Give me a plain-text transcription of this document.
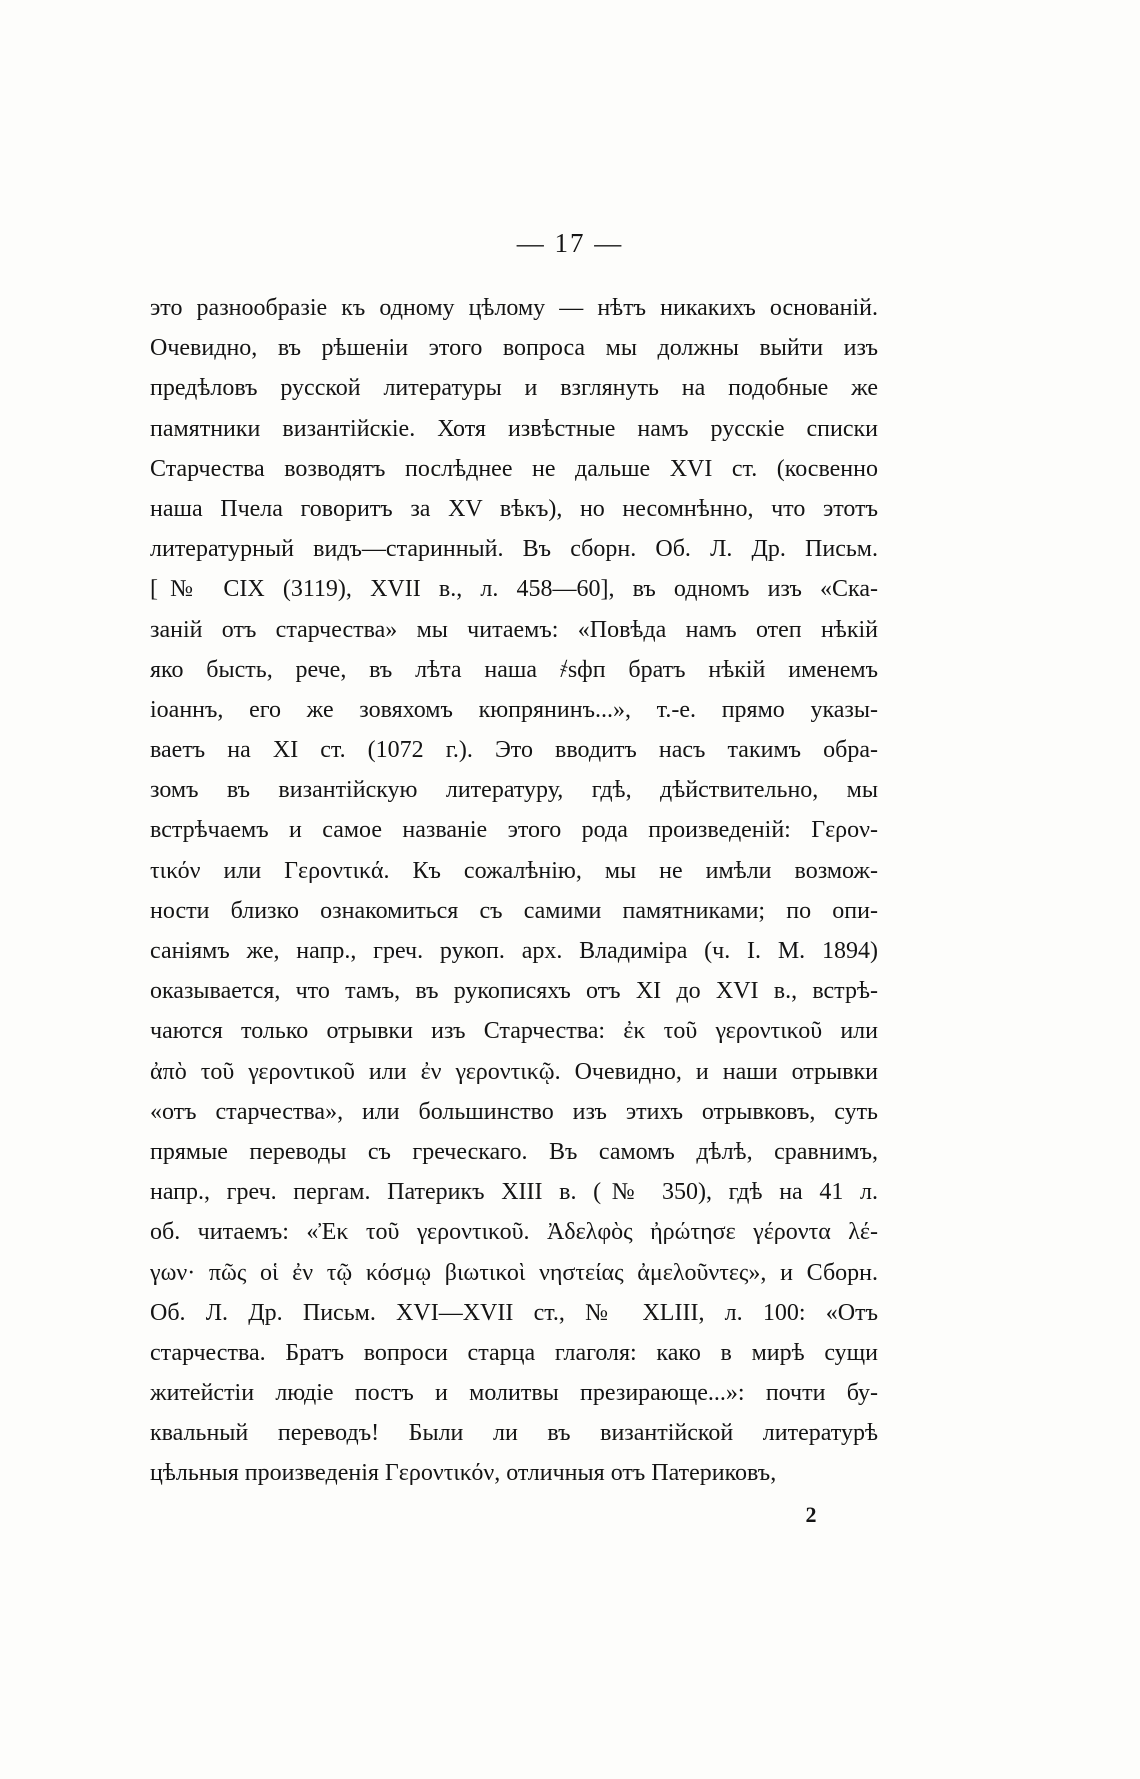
— 17 —
это разнообразіе къ одному цѣлому — нѣтъ никакихъ основаній.
Очевидно, въ рѣшеніи этого вопроса мы должны выйти изъ
предѣловъ русской литературы и взглянуть на подобные же
памятники византійскіе. Хотя извѣстные намъ русскіе списки
Старчества возводятъ послѣднее не дальше XVI ст. (косвенно
наша Пчела говоритъ за XV вѣкъ), но несомнѣнно, что этотъ
литературный видъ—старинный. Въ сборн. Об. Л. Др. Письм.
[№ CIX (3119), XVII в., л. 458—60], въ одномъ изъ «Ска-
заній отъ старчества» мы читаемъ: «Повѣда намъ отеп нѣкій
яко бысть, рече, въ лѣта наша ҂ѕфп братъ нѣкій именемъ
іоаннъ, его же зовяхомъ кюпрянинъ...», т.-е. прямо указы-
ваетъ на XI ст. (1072 г.). Это вводитъ насъ такимъ обра-
зомъ въ византійскую литературу, гдѣ, дѣйствительно, мы
встрѣчаемъ и самое названіе этого рода произведеній: Γερον-
τικόν или Γεροντικά. Къ сожалѣнію, мы не имѣли возмож-
ности близко ознакомиться съ самими памятниками; по опи-
саніямъ же, напр., греч. рукоп. арх. Владиміра (ч. I. М. 1894)
оказывается, что тамъ, въ рукописяхъ отъ XI до XVI в., встрѣ-
чаются только отрывки изъ Старчества: ἐκ τοῦ γεροντικοῦ или
ἀπὸ τοῦ γεροντικοῦ или ἐν γεροντικῷ. Очевидно, и наши отрывки
«отъ старчества», или большинство изъ этихъ отрывковъ, суть
прямые переводы съ греческаго. Въ самомъ дѣлѣ, сравнимъ,
напр., греч. пергам. Патерикъ XIII в. (№ 350), гдѣ на 41 л.
об. читаемъ: «Ἐκ τοῦ γεροντικοῦ. Ἀδελφὸς ἠρώτησε γέροντα λέ-
γων· πῶς οἱ ἐν τῷ κόσμῳ βιωτικοὶ νηστείας ἀμελοῦντες», и Сборн.
Об. Л. Др. Письм. XVI—XVII ст., № XLIII, л. 100: «Отъ
старчества. Братъ вопроси старца глаголя: како в мирѣ сущи
житейстіи людіе постъ и молитвы презирающе...»: почти бу-
квальный переводъ! Были ли въ византійской литературѣ
цѣльныя произведенія Γεροντικόν, отличныя отъ Патериковъ,
2
